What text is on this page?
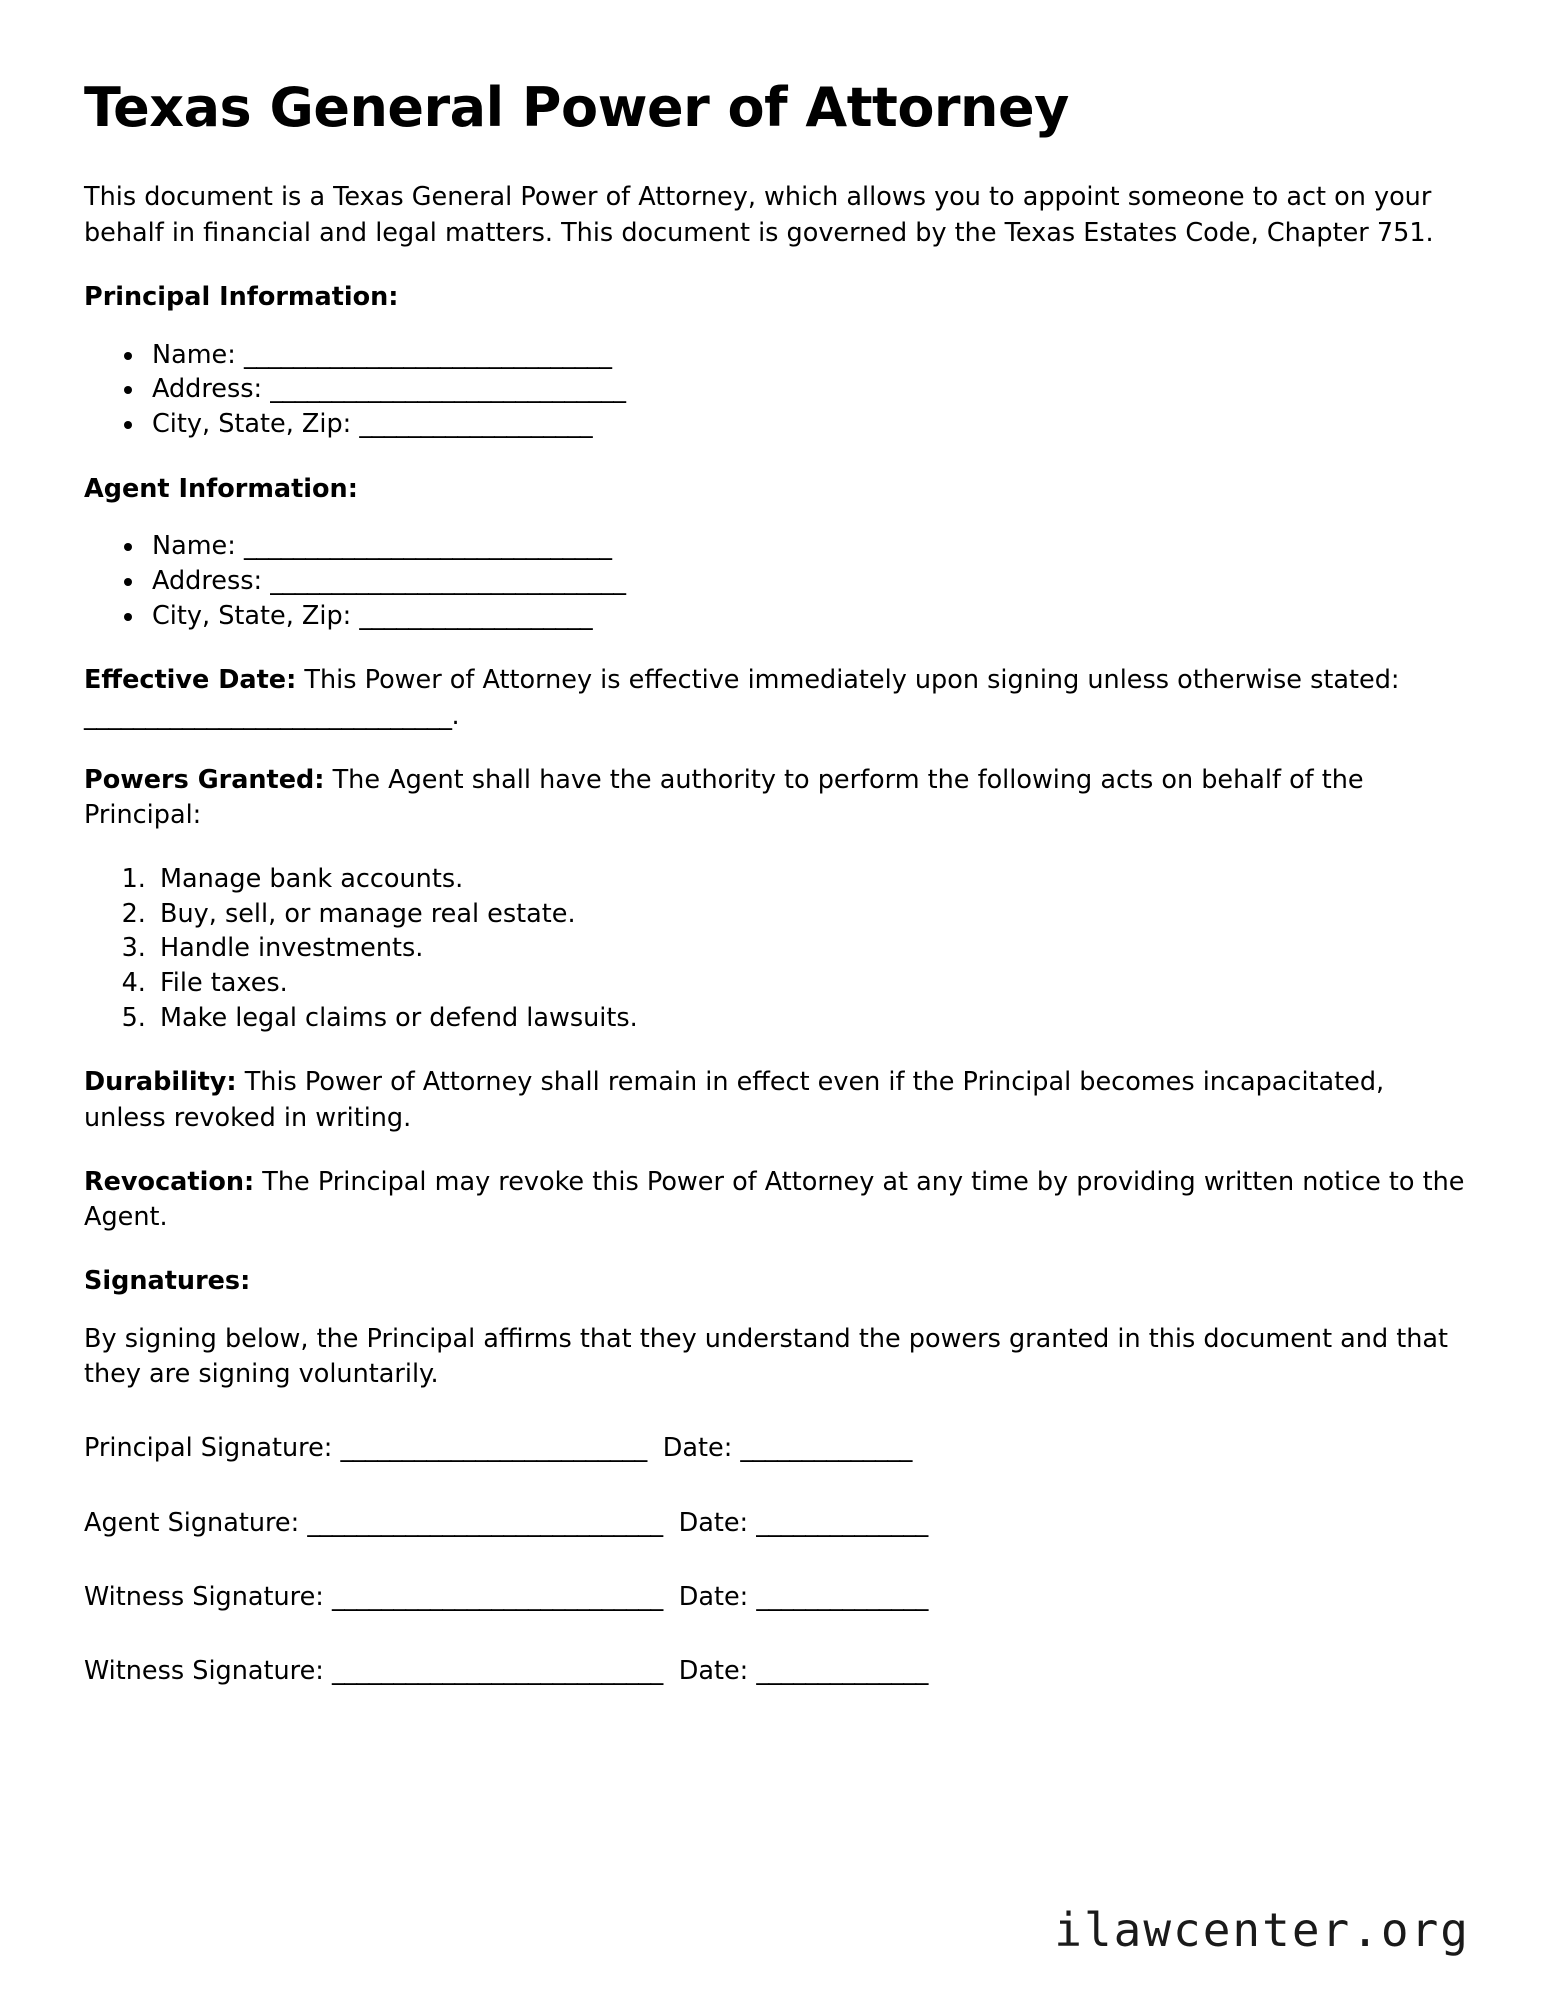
Texas General Power of Attorney

This document is a Texas General Power of Attorney, which allows you to appoint someone to act on your behalf in financial and legal matters. This document is governed by the Texas Estates Code, Chapter 751.

Principal Information:
• Name: ______________________________
• Address: _____________________________
• City, State, Zip: ___________________
Agent Information:
• Name: ______________________________
• Address: _____________________________
• City, State, Zip: ___________________

Effective Date: This Power of Attorney is effective immediately upon signing unless otherwise stated: ______________________________.

Powers Granted: The Agent shall have the authority to perform the following acts on behalf of the Principal:

1. Manage bank accounts.
2. Buy, sell, or manage real estate.
3. Handle investments.
4. File taxes.
5. Make legal claims or defend lawsuits.

Durability: This Power of Attorney shall remain in effect even if the Principal becomes incapacitated, unless revoked in writing.

Revocation: The Principal may revoke this Power of Attorney at any time by providing written notice to the Agent.

Signatures:

By signing below, the Principal affirms that they understand the powers granted in this document and that they are signing voluntarily.

Principal Signature: _________________________ Date: ______________
Agent Signature: _____________________________ Date: ______________
Witness Signature: ___________________________ Date: ______________
Witness Signature: ___________________________ Date: ______________
ilawcenter.org
